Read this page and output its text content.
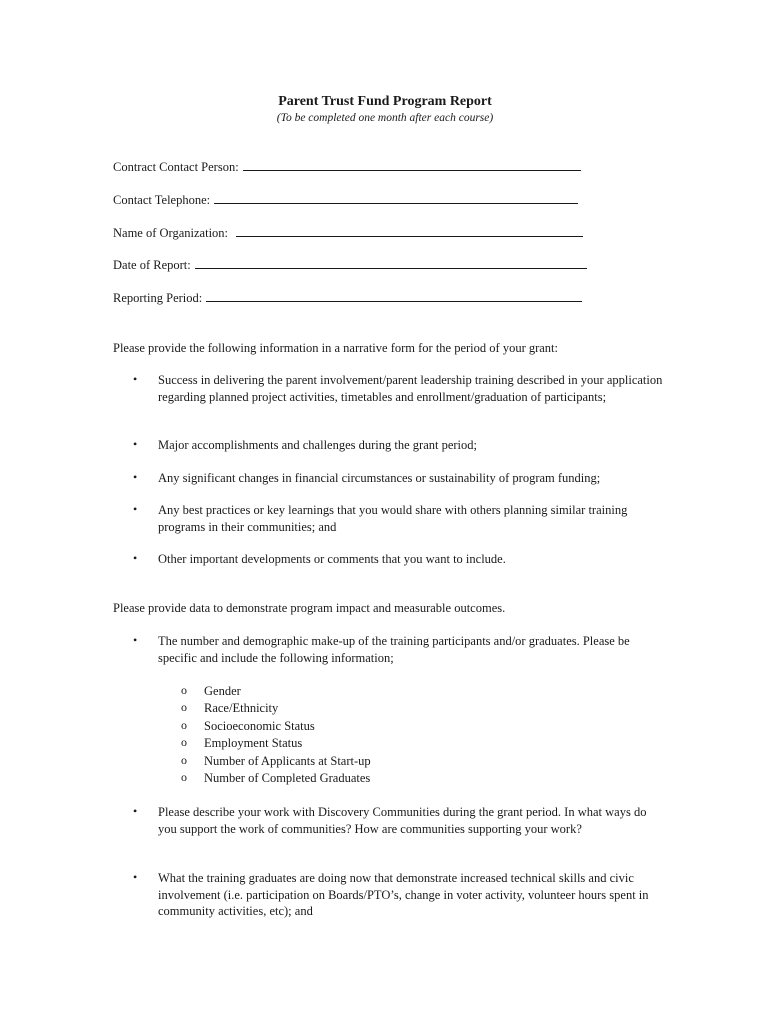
Parent Trust Fund Program Report
(To be completed one month after each course)
Contract Contact Person:
Contact Telephone:
Name of Organization:
Date of Report:
Reporting Period:
Please provide the following information in a narrative form for the period of your grant:
• Success in delivering the parent involvement/parent leadership training described in your application regarding planned project activities, timetables and enrollment/graduation of participants;
• Major accomplishments and challenges during the grant period;
• Any significant changes in financial circumstances or sustainability of program funding;
• Any best practices or key learnings that you would share with others planning similar training programs in their communities; and
• Other important developments or comments that you want to include.
Please provide data to demonstrate program impact and measurable outcomes.
• The number and demographic make-up of the training participants and/or graduates. Please be specific and include the following information;
o Gender
o Race/Ethnicity
o Socioeconomic Status
o Employment Status
o Number of Applicants at Start-up
o Number of Completed Graduates
• Please describe your work with Discovery Communities during the grant period. In what ways do you support the work of communities? How are communities supporting your work?
• What the training graduates are doing now that demonstrate increased technical skills and civic involvement (i.e. participation on Boards/PTO’s, change in voter activity, volunteer hours spent in community activities, etc); and
